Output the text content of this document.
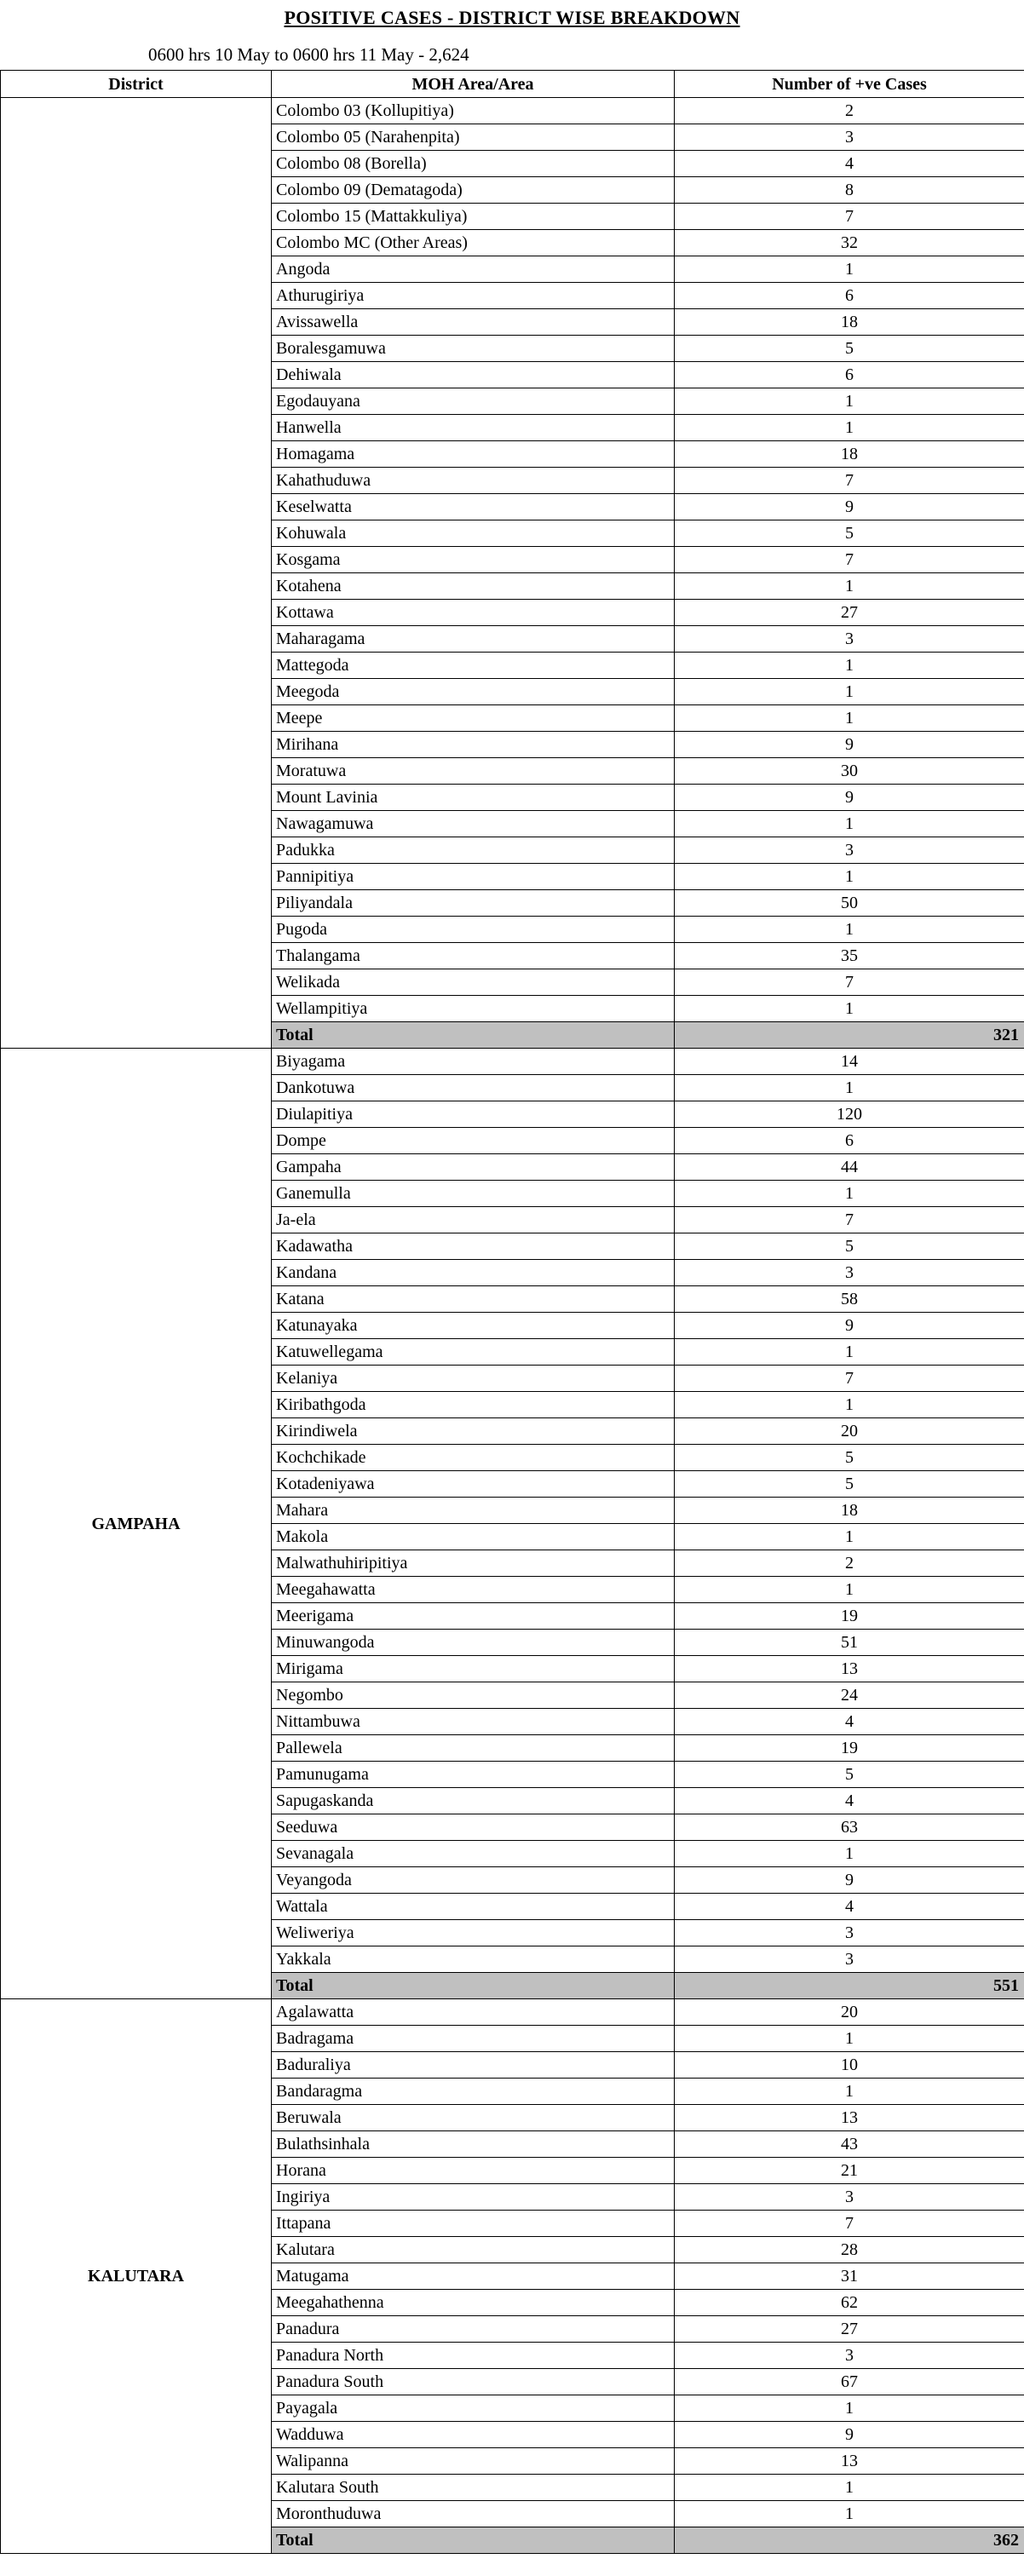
POSITIVE CASES - DISTRICT WISE BREAKDOWN
0600 hrs 10 May to 0600 hrs 11 May - 2,624
District	MOH Area/Area	Number of +ve Cases
	Colombo 03 (Kollupitiya)	2
	Colombo 05 (Narahenpita)	3
	Colombo 08 (Borella)	4
	Colombo 09 (Dematagoda)	8
	Colombo 15 (Mattakkuliya)	7
	Colombo MC (Other Areas)	32
	Angoda	1
	Athurugiriya	6
	Avissawella	18
	Boralesgamuwa	5
	Dehiwala	6
	Egodauyana	1
	Hanwella	1
	Homagama	18
	Kahathuduwa	7
	Keselwatta	9
	Kohuwala	5
	Kosgama	7
	Kotahena	1
	Kottawa	27
	Maharagama	3
	Mattegoda	1
	Meegoda	1
	Meepe	1
	Mirihana	9
	Moratuwa	30
	Mount Lavinia	9
	Nawagamuwa	1
	Padukka	3
	Pannipitiya	1
	Piliyandala	50
	Pugoda	1
	Thalangama	35
	Welikada	7
	Wellampitiya	1
	Total	321
GAMPAHA	Biyagama	14
	Dankotuwa	1
	Diulapitiya	120
	Dompe	6
	Gampaha	44
	Ganemulla	1
	Ja-ela	7
	Kadawatha	5
	Kandana	3
	Katana	58
	Katunayaka	9
	Katuwellegama	1
	Kelaniya	7
	Kiribathgoda	1
	Kirindiwela	20
	Kochchikade	5
	Kotadeniyawa	5
	Mahara	18
	Makola	1
	Malwathuhiripitiya	2
	Meegahawatta	1
	Meerigama	19
	Minuwangoda	51
	Mirigama	13
	Negombo	24
	Nittambuwa	4
	Pallewela	19
	Pamunugama	5
	Sapugaskanda	4
	Seeduwa	63
	Sevanagala	1
	Veyangoda	9
	Wattala	4
	Weliweriya	3
	Yakkala	3
	Total	551
KALUTARA	Agalawatta	20
	Badragama	1
	Baduraliya	10
	Bandaragma	1
	Beruwala	13
	Bulathsinhala	43
	Horana	21
	Ingiriya	3
	Ittapana	7
	Kalutara	28
	Matugama	31
	Meegahathenna	62
	Panadura	27
	Panadura North	3
	Panadura South	67
	Payagala	1
	Wadduwa	9
	Walipanna	13
	Kalutara South	1
	Moronthuduwa	1
	Total	362
